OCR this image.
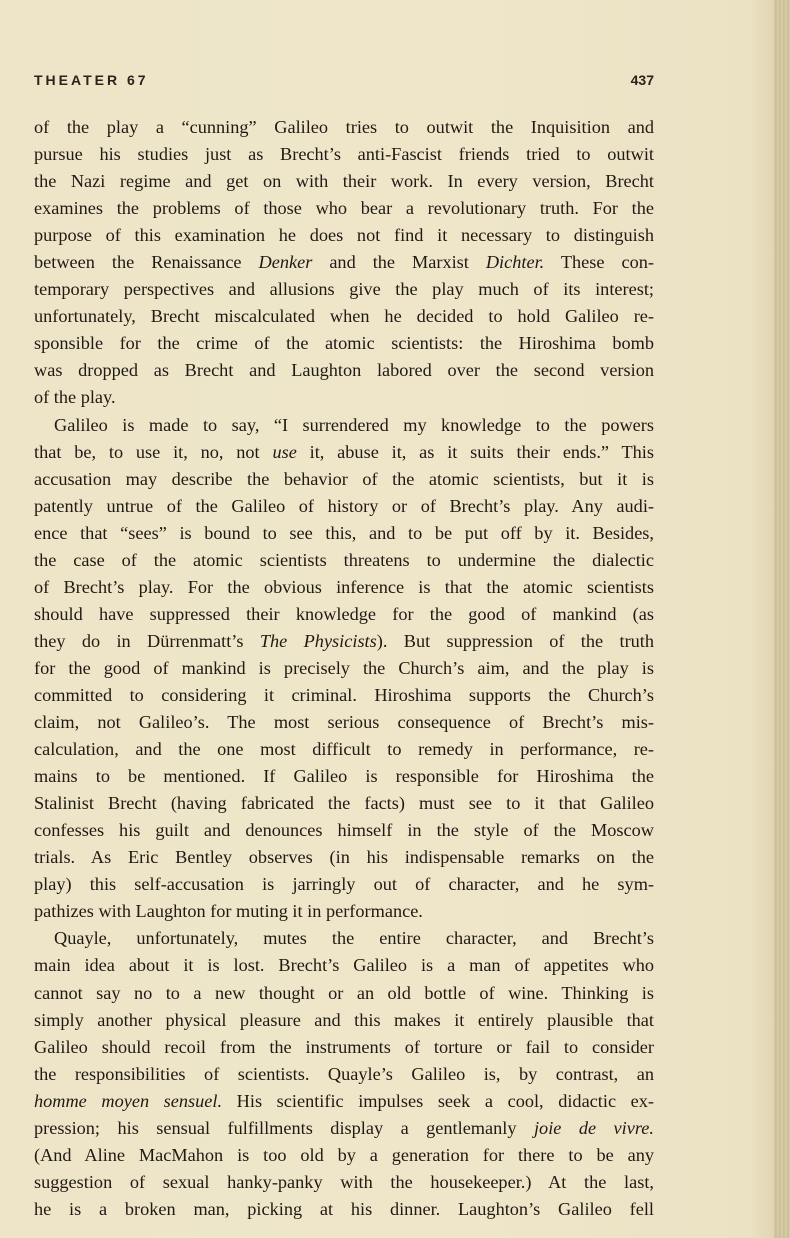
THEATER 67	437
of the play a “cunning” Galileo tries to outwit the Inquisition and
pursue his studies just as Brecht’s anti-Fascist friends tried to outwit
the Nazi regime and get on with their work. In every version, Brecht
examines the problems of those who bear a revolutionary truth. For the
purpose of this examination he does not find it necessary to distinguish
between the Renaissance Denker and the Marxist Dichter. These con-
temporary perspectives and allusions give the play much of its interest;
unfortunately, Brecht miscalculated when he decided to hold Galileo re-
sponsible for the crime of the atomic scientists: the Hiroshima bomb
was dropped as Brecht and Laughton labored over the second version
of the play.
Galileo is made to say, “I surrendered my knowledge to the powers
that be, to use it, no, not use it, abuse it, as it suits their ends.” This
accusation may describe the behavior of the atomic scientists, but it is
patently untrue of the Galileo of history or of Brecht’s play. Any audi-
ence that “sees” is bound to see this, and to be put off by it. Besides,
the case of the atomic scientists threatens to undermine the dialectic
of Brecht’s play. For the obvious inference is that the atomic scientists
should have suppressed their knowledge for the good of mankind (as
they do in Dürrenmatt’s The Physicists). But suppression of the truth
for the good of mankind is precisely the Church’s aim, and the play is
committed to considering it criminal. Hiroshima supports the Church’s
claim, not Galileo’s. The most serious consequence of Brecht’s mis-
calculation, and the one most difficult to remedy in performance, re-
mains to be mentioned. If Galileo is responsible for Hiroshima the
Stalinist Brecht (having fabricated the facts) must see to it that Galileo
confesses his guilt and denounces himself in the style of the Moscow
trials. As Eric Bentley observes (in his indispensable remarks on the
play) this self-accusation is jarringly out of character, and he sym-
pathizes with Laughton for muting it in performance.
Quayle, unfortunately, mutes the entire character, and Brecht’s
main idea about it is lost. Brecht’s Galileo is a man of appetites who
cannot say no to a new thought or an old bottle of wine. Thinking is
simply another physical pleasure and this makes it entirely plausible that
Galileo should recoil from the instruments of torture or fail to consider
the responsibilities of scientists. Quayle’s Galileo is, by contrast, an
homme moyen sensuel. His scientific impulses seek a cool, didactic ex-
pression; his sensual fulfillments display a gentlemanly joie de vivre.
(And Aline MacMahon is too old by a generation for there to be any
suggestion of sexual hanky-panky with the housekeeper.) At the last,
he is a broken man, picking at his dinner. Laughton’s Galileo fell
